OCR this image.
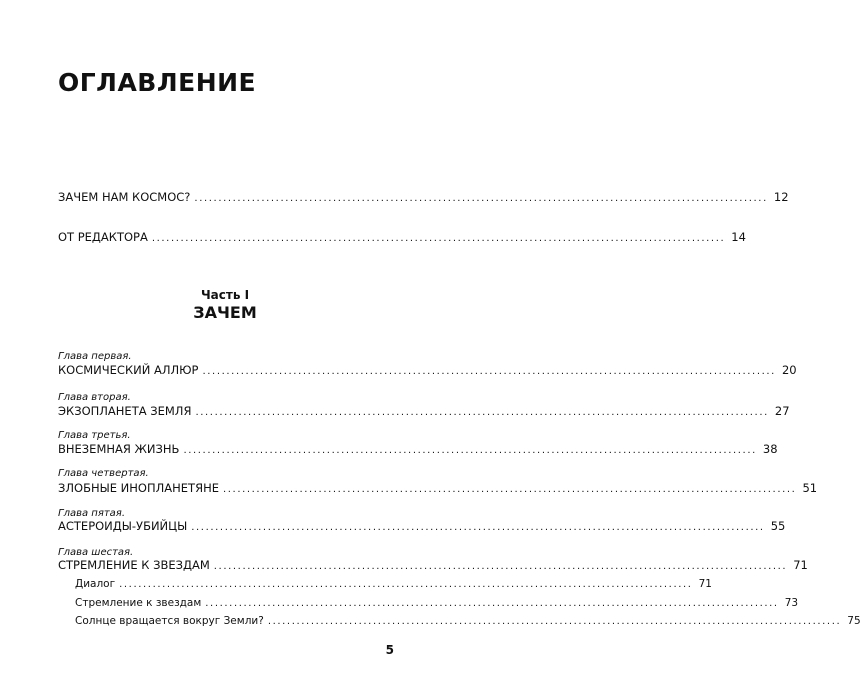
ОГЛАВЛЕНИЕ
ЗАЧЕМ НАМ КОСМОС? ........................................................................................................................ 12
ОТ РЕДАКТОРА ........................................................................................................................ 14
Часть I
ЗАЧЕМ
Глава первая.
КОСМИЧЕСКИЙ АЛЛЮР ........................................................................................................................ 20
Глава вторая.
ЭКЗОПЛАНЕТА ЗЕМЛЯ ........................................................................................................................ 27
Глава третья.
ВНЕЗЕМНАЯ ЖИЗНЬ ........................................................................................................................ 38
Глава четвертая.
ЗЛОБНЫЕ ИНОПЛАНЕТЯНЕ ........................................................................................................................ 51
Глава пятая.
АСТЕРОИДЫ-УБИЙЦЫ ........................................................................................................................ 55
Глава шестая.
СТРЕМЛЕНИЕ К ЗВЕЗДАМ ........................................................................................................................ 71
Диалог ........................................................................................................................ 71
Стремление к звездам ........................................................................................................................ 73
Солнце вращается вокруг Земли? ........................................................................................................................ 75
5
